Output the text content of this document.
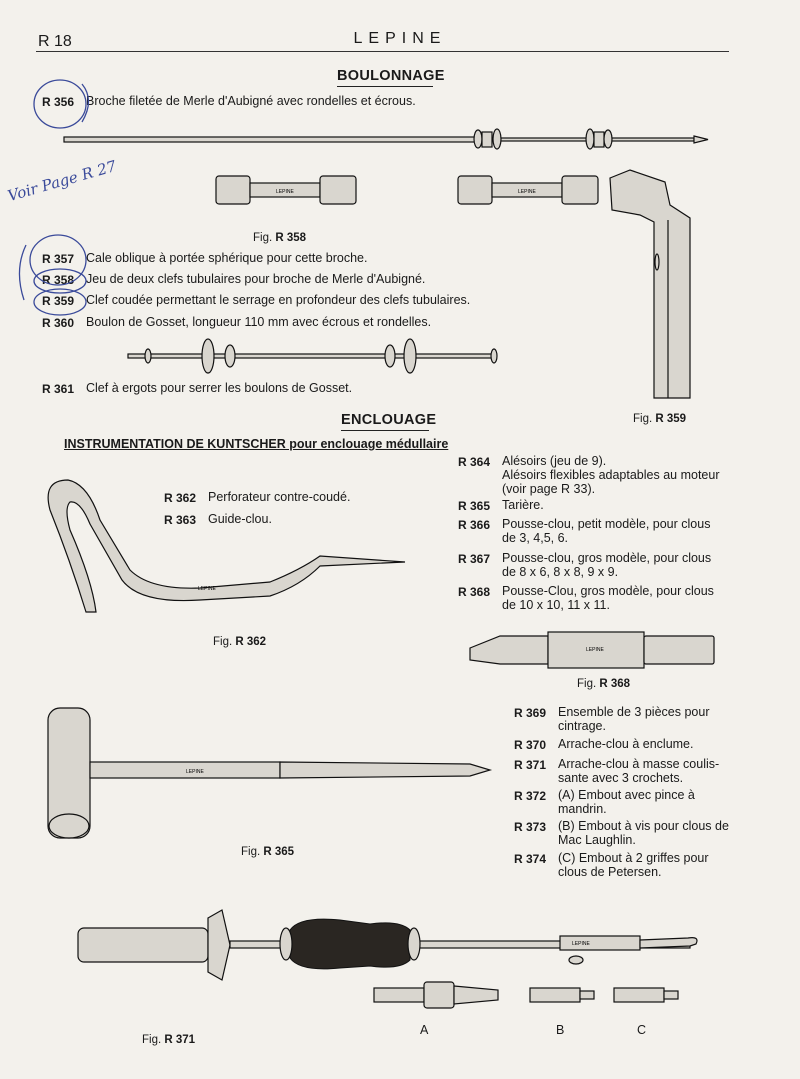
R 18	LEPINE
BOULONNAGE
R 356 Broche filetée de Merle d'Aubigné avec rondelles et écrous.
LEPINE	LEPINE
Fig. R 358
Fig. R 359
Voir Page R 27
R 357 Cale oblique à portée sphérique pour cette broche.
R 358 Jeu de deux clefs tubulaires pour broche de Merle d'Aubigné.
R 359 Clef coudée permettant le serrage en profondeur des clefs tubulaires.
R 360 Boulon de Gosset, longueur 110 mm avec écrous et rondelles.
R 361 Clef à ergots pour serrer les boulons de Gosset.
ENCLOUAGE
INSTRUMENTATION DE KUNTSCHER pour enclouage médullaire
R 364 Alésoirs (jeu de 9).
Alésoirs flexibles adaptables au moteur
(voir page R 33).
R 365 Tarière.
R 366 Pousse-clou, petit modèle, pour clous
de 3, 4,5, 6.
R 367 Pousse-clou, gros modèle, pour clous
de 8 x 6, 8 x 8, 9 x 9.
R 368 Pousse-Clou, gros modèle, pour clous
de 10 x 10, 11 x 11.
R 362 Perforateur contre-coudé.
R 363 Guide-clou.
LEPINE
Fig. R 362
LEPINE
Fig. R 368
LEPINE
Fig. R 365
R 369 Ensemble de 3 pièces pour
cintrage.
R 370 Arrache-clou à enclume.
R 371 Arrache-clou à masse coulis-
sante avec 3 crochets.
R 372 (A) Embout avec pince à
mandrin.
R 373 (B) Embout à vis pour clous de
Mac Laughlin.
R 374 (C) Embout à 2 griffes pour
clous de Petersen.
LEPINE
A	B	C
Fig. R 371
